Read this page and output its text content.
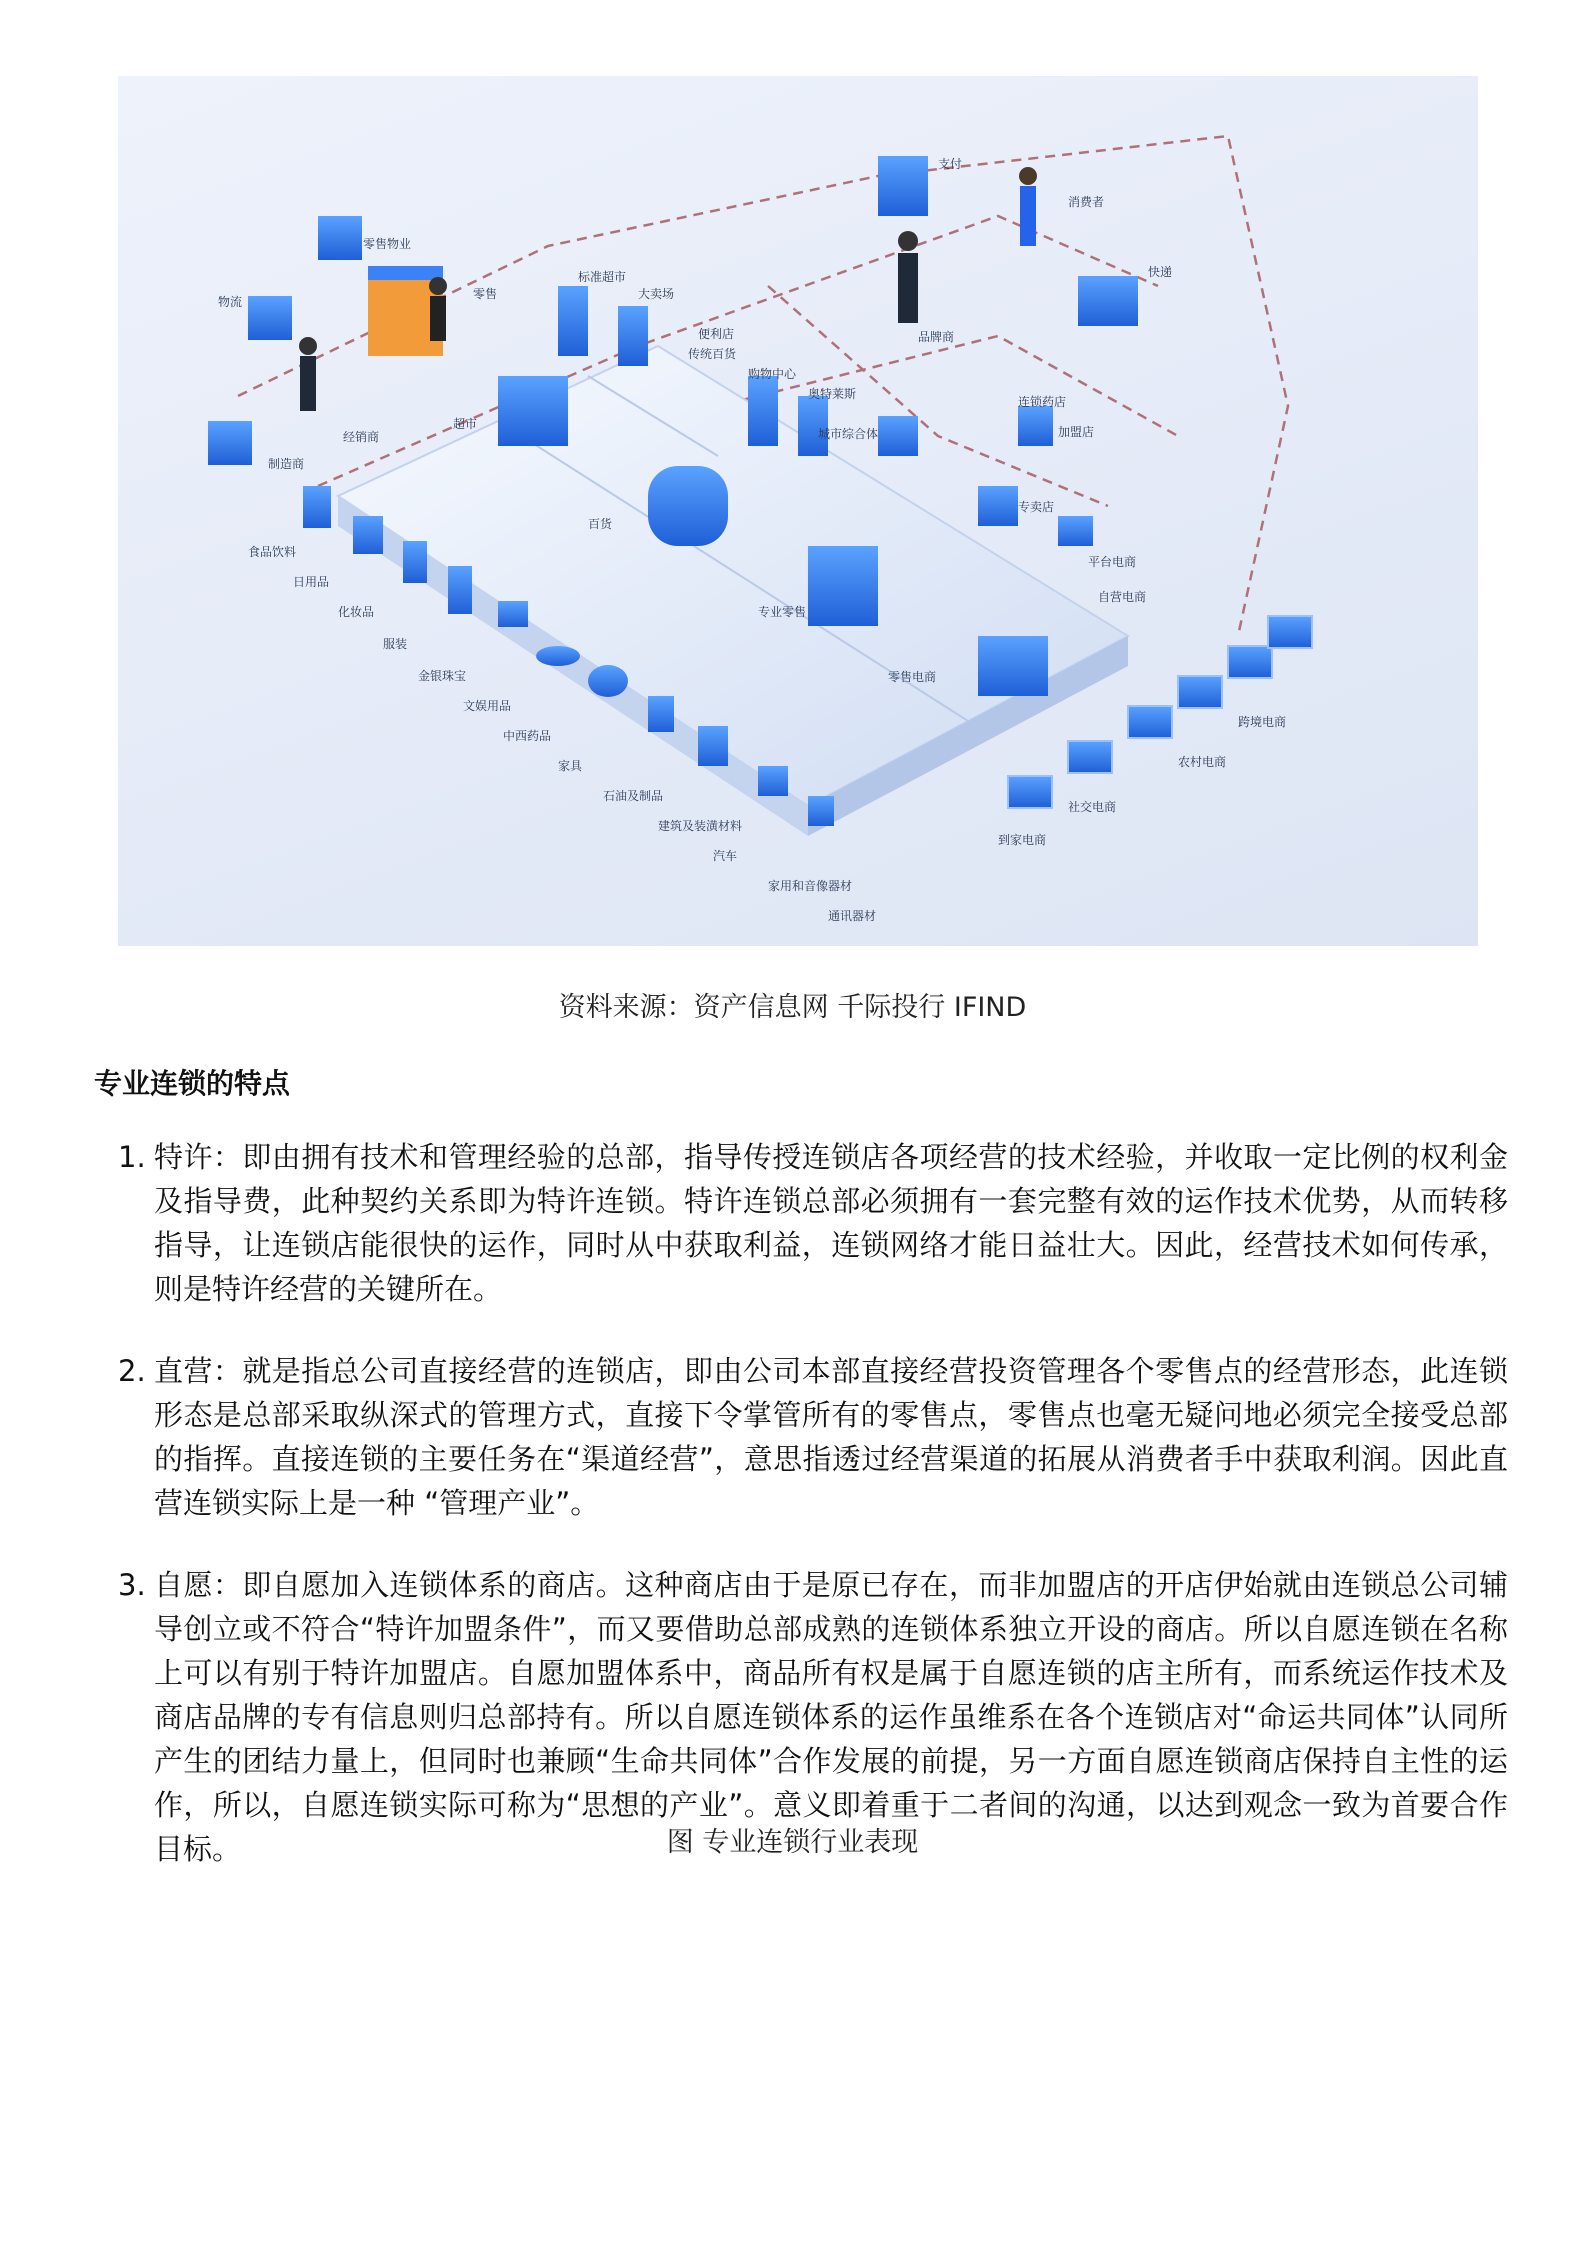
支付
消费者
品牌商
快递
零售物业
物流
制造商
经销商
零售
标准超市
大卖场
便利店
传统百货
购物中心
奥特莱斯
城市综合体
超市
百货
专业零售
零售电商
连锁药店
加盟店
专卖店
自营电商
平台电商
食品饮料
日用品
化妆品
服装
金银珠宝
文娱用品
中西药品
家具
石油及制品
建筑及装潢材料
汽车
家用和音像器材
通讯器材
跨境电商
社交电商
农村电商
到家电商
资料来源：资产信息网 千际投行 IFIND
专业连锁的特点
1. 特许：即由拥有技术和管理经验的总部，指导传授连锁店各项经营的技术经验，并收取一定比例的权利金及指导费，此种契约关系即为特许连锁。特许连锁总部必须拥有一套完整有效的运作技术优势，从而转移指导，让连锁店能很快的运作，同时从中获取利益，连锁网络才能日益壮大。因此，经营技术如何传承，则是特许经营的关键所在。
2. 直营：就是指总公司直接经营的连锁店，即由公司本部直接经营投资管理各个零售点的经营形态，此连锁形态是总部采取纵深式的管理方式，直接下令掌管所有的零售点，零售点也毫无疑问地必须完全接受总部的指挥。直接连锁的主要任务在“渠道经营”，意思指透过经营渠道的拓展从消费者手中获取利润。因此直营连锁实际上是一种 “管理产业”。
3. 自愿：即自愿加入连锁体系的商店。这种商店由于是原已存在，而非加盟店的开店伊始就由连锁总公司辅导创立或不符合“特许加盟条件”，而又要借助总部成熟的连锁体系独立开设的商店。所以自愿连锁在名称上可以有别于特许加盟店。自愿加盟体系中，商品所有权是属于自愿连锁的店主所有，而系统运作技术及商店品牌的专有信息则归总部持有。所以自愿连锁体系的运作虽维系在各个连锁店对“命运共同体”认同所产生的团结力量上，但同时也兼顾“生命共同体”合作发展的前提，另一方面自愿连锁商店保持自主性的运作，所以，自愿连锁实际可称为“思想的产业”。意义即着重于二者间的沟通，以达到观念一致为首要合作目标。	图 专业连锁行业表现
